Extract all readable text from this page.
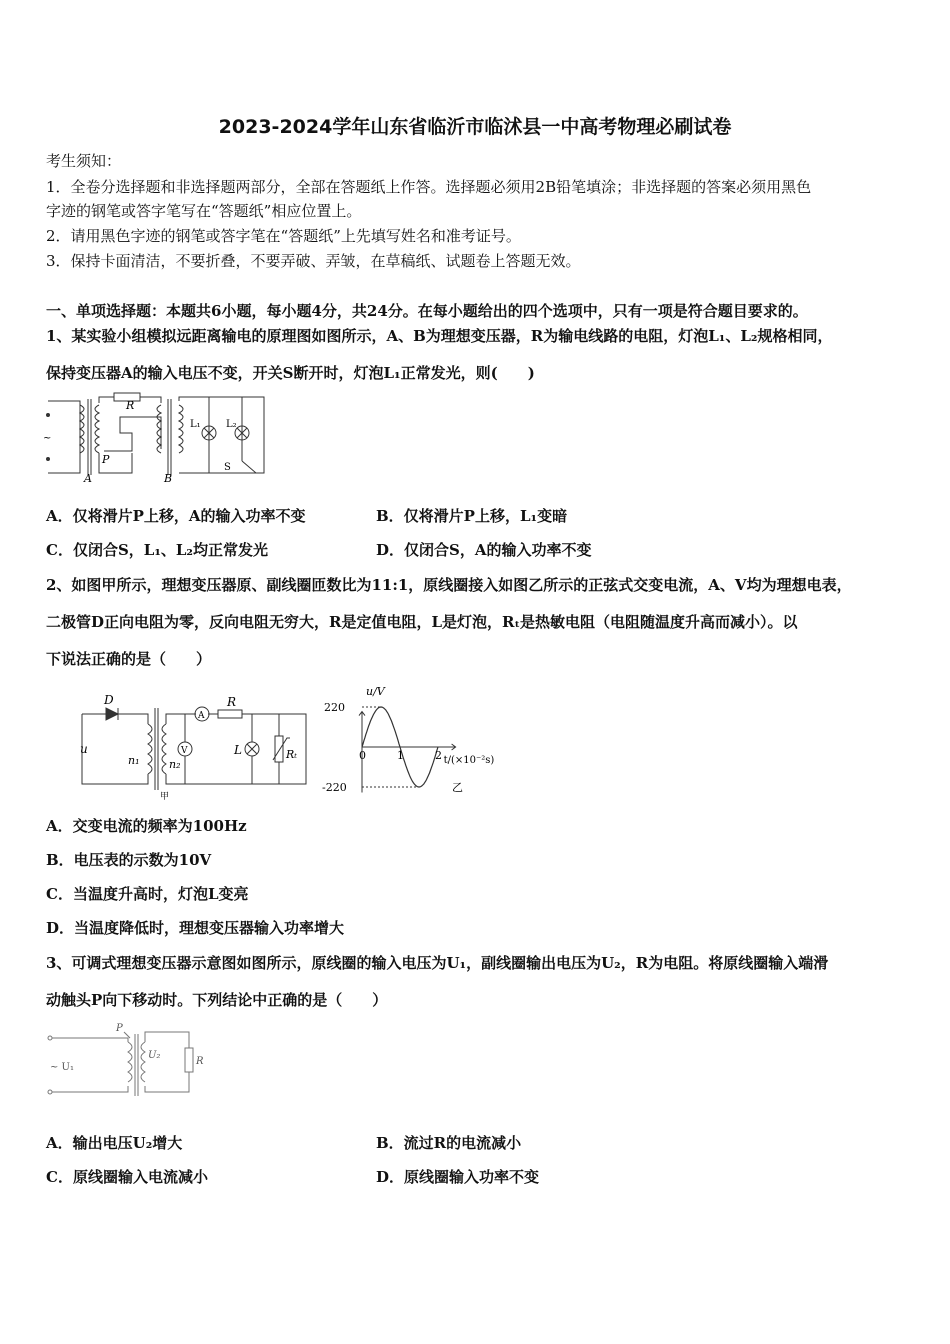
2023-2024学年山东省临沂市临沭县一中高考物理必刷试卷
考生须知：
1．全卷分选择题和非选择题两部分，全部在答题纸上作答。选择题必须用2B铅笔填涂；非选择题的答案必须用黑色
字迹的钢笔或答字笔写在“答题纸”相应位置上。
2．请用黑色字迹的钢笔或答字笔在“答题纸”上先填写姓名和准考证号。
3．保持卡面清洁，不要折叠，不要弄破、弄皱，在草稿纸、试题卷上答题无效。
一、单项选择题：本题共6小题，每小题4分，共24分。在每小题给出的四个选项中，只有一项是符合题目要求的。
1、某实验小组模拟远距离输电的原理图如图所示，A、B为理想变压器，R为输电线路的电阻，灯泡L₁、L₂规格相同，
保持变压器A的输入电压不变，开关S断开时，灯泡L₁正常发光，则(　　)
R
P
A	B
L₁	L₂
S
~
A．仅将滑片P上移，A的输入功率不变	B．仅将滑片P上移，L₁变暗
C．仅闭合S，L₁、L₂均正常发光	D．仅闭合S，A的输入功率不变
2、如图甲所示，理想变压器原、副线圈匝数比为11:1，原线圈接入如图乙所示的正弦式交变电流，A、V均为理想电表，
二极管D正向电阻为零，反向电阻无穷大，R是定值电阻，L是灯泡，Rₜ是热敏电阻（电阻随温度升高而减小）。以
下说法正确的是（　　）
D
u
n₁	n₂
R
A
V	L	Rₜ
甲
0	1	2
220
-220
u/V
t/(×10⁻²s)
乙
A．交变电流的频率为100Hz
B．电压表的示数为10V
C．当温度升高时，灯泡L变亮
D．当温度降低时，理想变压器输入功率增大
3、可调式理想变压器示意图如图所示，原线圈的输入电压为U₁，副线圈输出电压为U₂，R为电阻。将原线圈输入端滑
动触头P向下移动时。下列结论中正确的是（　　）
P
~ U₁
U₂
R
A．输出电压U₂增大	B．流过R的电流减小
C．原线圈输入电流减小	D．原线圈输入功率不变
